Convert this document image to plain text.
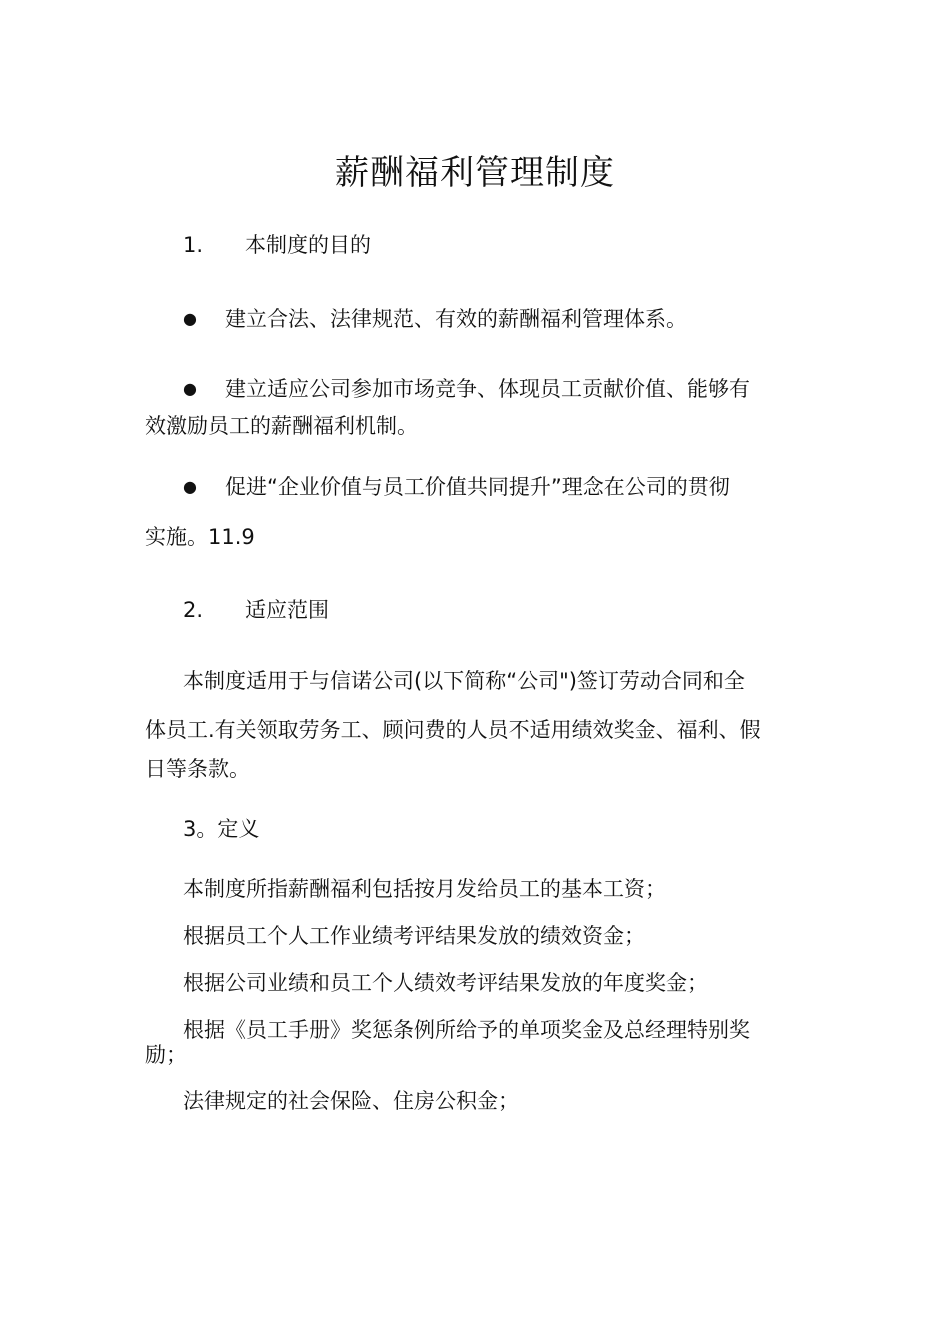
薪酬福利管理制度
1. 本制度的目的
● 建立合法、法律规范、有效的薪酬福利管理体系。
● 建立适应公司参加市场竞争、体现员工贡献价值、能够有
效激励员工的薪酬福利机制。
● 促进“企业价值与员工价值共同提升”理念在公司的贯彻
实施。11.9
2. 适应范围
本制度适用于与信诺公司(以下简称“公司")签订劳动合同和全
体员工.有关领取劳务工、顾问费的人员不适用绩效奖金、福利、假
日等条款。
3。定义
本制度所指薪酬福利包括按月发给员工的基本工资；
根据员工个人工作业绩考评结果发放的绩效资金；
根据公司业绩和员工个人绩效考评结果发放的年度奖金；
根据《员工手册》奖惩条例所给予的单项奖金及总经理特别奖
励；
法律规定的社会保险、住房公积金；
